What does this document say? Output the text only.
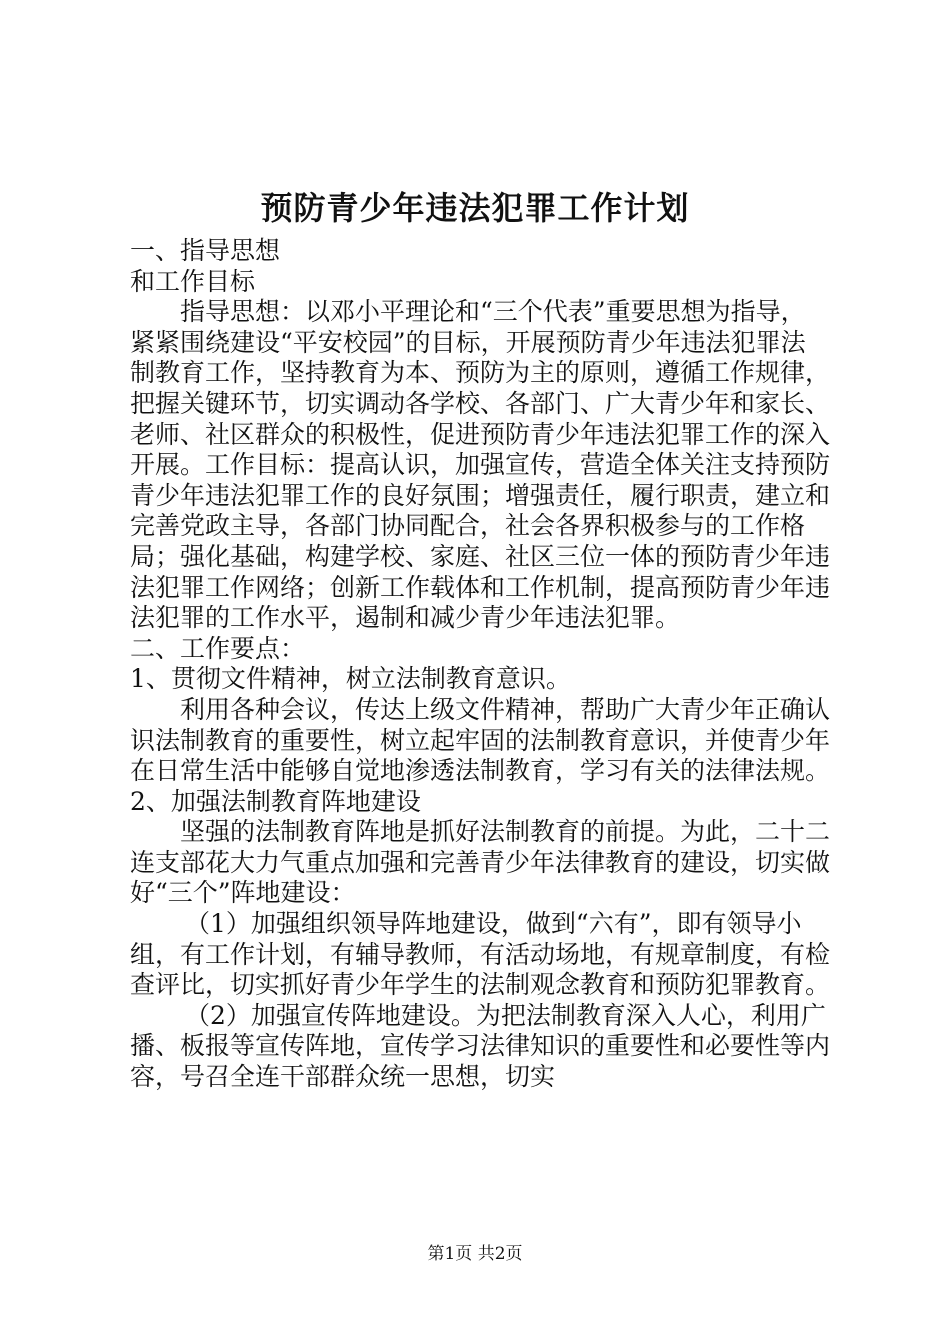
预防青少年违法犯罪工作计划

一、指导思想

和工作目标

指导思想：以邓小平理论和“三个代表”重要思想为指导，紧紧围绕建设“平安校园”的目标，开展预防青少年违法犯罪法制教育工作，坚持教育为本、预防为主的原则，遵循工作规律，把握关键环节，切实调动各学校、各部门、广大青少年和家长、老师、社区群众的积极性，促进预防青少年违法犯罪工作的深入开展。工作目标：提高认识，加强宣传，营造全体关注支持预防青少年违法犯罪工作的良好氛围；增强责任，履行职责，建立和完善党政主导，各部门协同配合，社会各界积极参与的工作格局；强化基础，构建学校、家庭、社区三位一体的预防青少年违法犯罪工作网络；创新工作载体和工作机制，提高预防青少年违法犯罪的工作水平，遏制和减少青少年违法犯罪。

二、工作要点：

1、贯彻文件精神，树立法制教育意识。

利用各种会议，传达上级文件精神，帮助广大青少年正确认识法制教育的重要性，树立起牢固的法制教育意识，并使青少年在日常生活中能够自觉地渗透法制教育，学习有关的法律法规。

2、加强法制教育阵地建设

坚强的法制教育阵地是抓好法制教育的前提。为此，二十二连支部花大力气重点加强和完善青少年法律教育的建设，切实做好“三个”阵地建设：

（1）加强组织领导阵地建设，做到“六有”，即有领导小组，有工作计划，有辅导教师，有活动场地，有规章制度，有检查评比，切实抓好青少年学生的法制观念教育和预防犯罪教育。

（2）加强宣传阵地建设。为把法制教育深入人心，利用广播、板报等宣传阵地，宣传学习法律知识的重要性和必要性等内容，号召全连干部群众统一思想，切实

第1页 共2页
